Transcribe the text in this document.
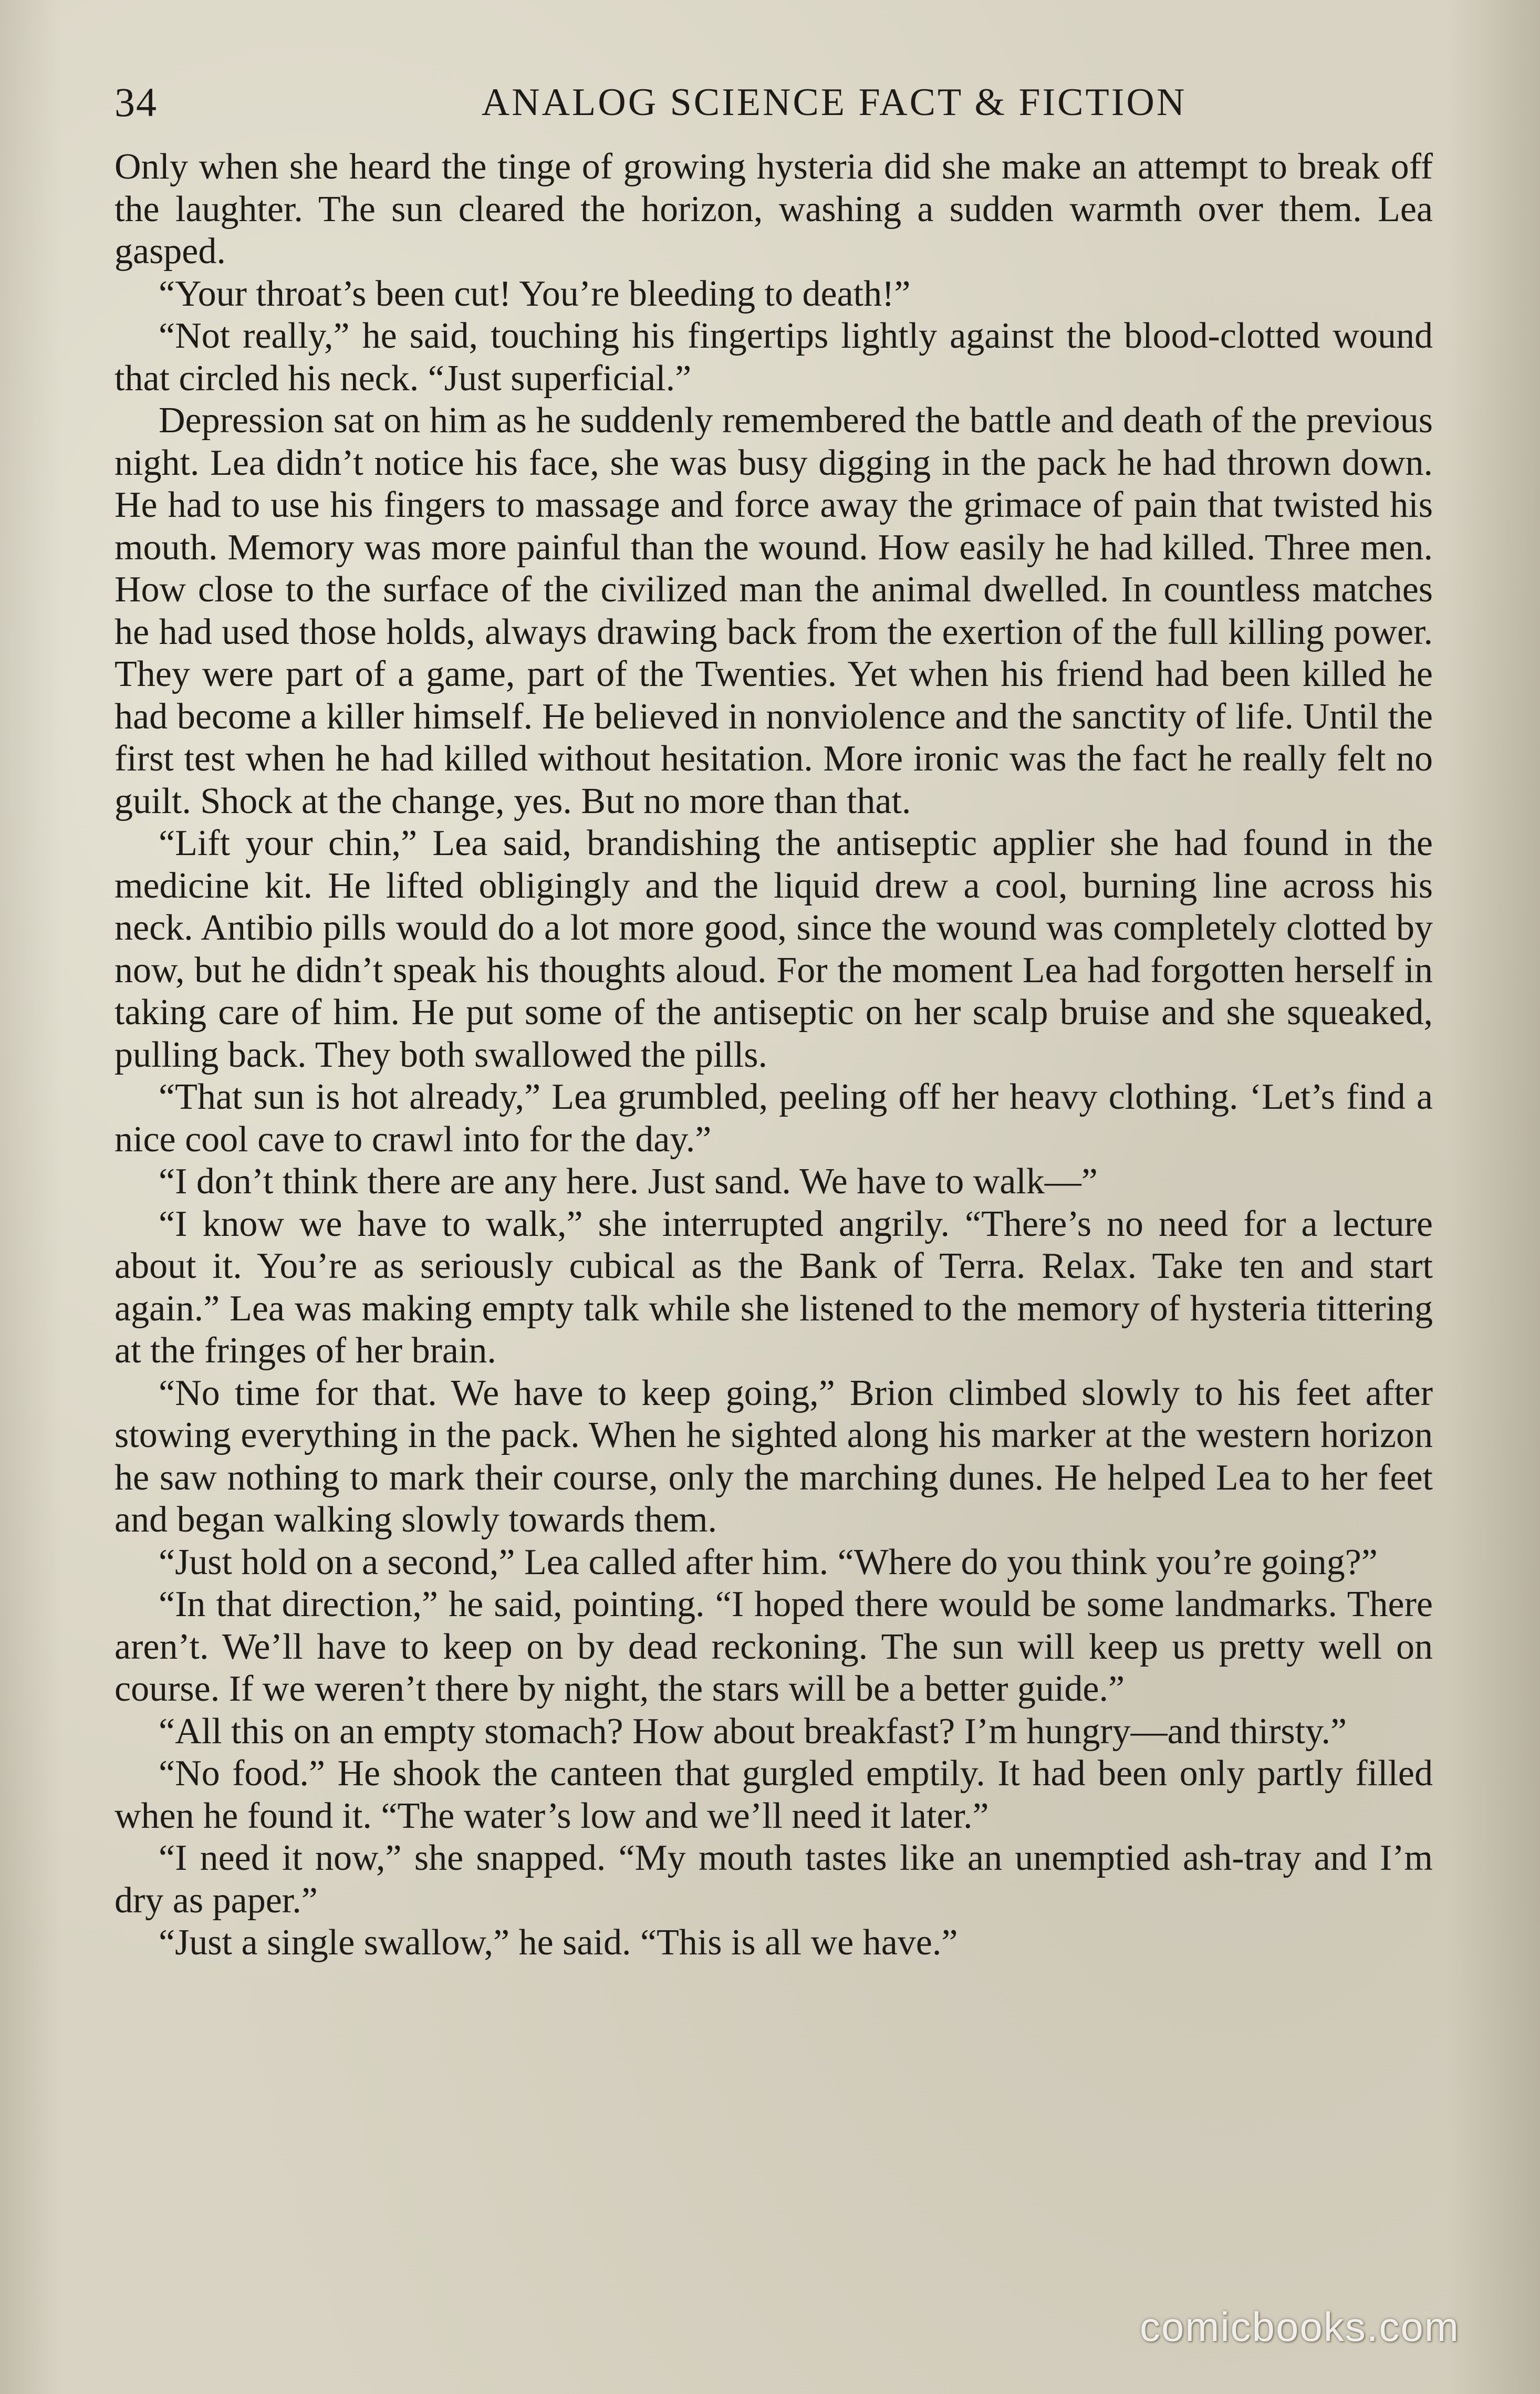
34	ANALOG SCIENCE FACT & FICTION

Only when she heard the tinge of growing hysteria did she make an attempt to break off the laughter. The sun cleared the horizon, washing a sudden warmth over them. Lea gasped.

“Your throat’s been cut! You’re bleeding to death!”

“Not really,” he said, touching his fingertips lightly against the blood-clotted wound that circled his neck. “Just superficial.”

Depression sat on him as he suddenly remembered the battle and death of the previous night. Lea didn’t notice his face, she was busy digging in the pack he had thrown down. He had to use his fingers to massage and force away the grimace of pain that twisted his mouth. Memory was more painful than the wound. How easily he had killed. Three men. How close to the surface of the civilized man the animal dwelled. In countless matches he had used those holds, always drawing back from the exertion of the full killing power. They were part of a game, part of the Twenties. Yet when his friend had been killed he had become a killer himself. He believed in nonviolence and the sanctity of life. Until the first test when he had killed without hesitation. More ironic was the fact he really felt no guilt. Shock at the change, yes. But no more than that.

“Lift your chin,” Lea said, brandishing the antiseptic applier she had found in the medicine kit. He lifted obligingly and the liquid drew a cool, burning line across his neck. Antibio pills would do a lot more good, since the wound was completely clotted by now, but he didn’t speak his thoughts aloud. For the moment Lea had forgotten herself in taking care of him. He put some of the antiseptic on her scalp bruise and she squeaked, pulling back. They both swallowed the pills.

“That sun is hot already,” Lea grumbled, peeling off her heavy clothing. ‘Let’s find a nice cool cave to crawl into for the day.”

“I don’t think there are any here. Just sand. We have to walk—”

“I know we have to walk,” she interrupted angrily. “There’s no need for a lecture about it. You’re as seriously cubical as the Bank of Terra. Relax. Take ten and start again.” Lea was making empty talk while she listened to the memory of hysteria tittering at the fringes of her brain.

“No time for that. We have to keep going,” Brion climbed slowly to his feet after stowing everything in the pack. When he sighted along his marker at the western horizon he saw nothing to mark their course, only the marching dunes. He helped Lea to her feet and began walking slowly towards them.

“Just hold on a second,” Lea called after him. “Where do you think you’re going?”

“In that direction,” he said, pointing. “I hoped there would be some landmarks. There aren’t. We’ll have to keep on by dead reckoning. The sun will keep us pretty well on course. If we weren’t there by night, the stars will be a better guide.”

“All this on an empty stomach? How about breakfast? I’m hungry—and thirsty.”

“No food.” He shook the canteen that gurgled emptily. It had been only partly filled when he found it. “The water’s low and we’ll need it later.”

“I need it now,” she snapped. “My mouth tastes like an unemptied ash-tray and I’m dry as paper.”

“Just a single swallow,” he said. “This is all we have.”

comicbooks.com
